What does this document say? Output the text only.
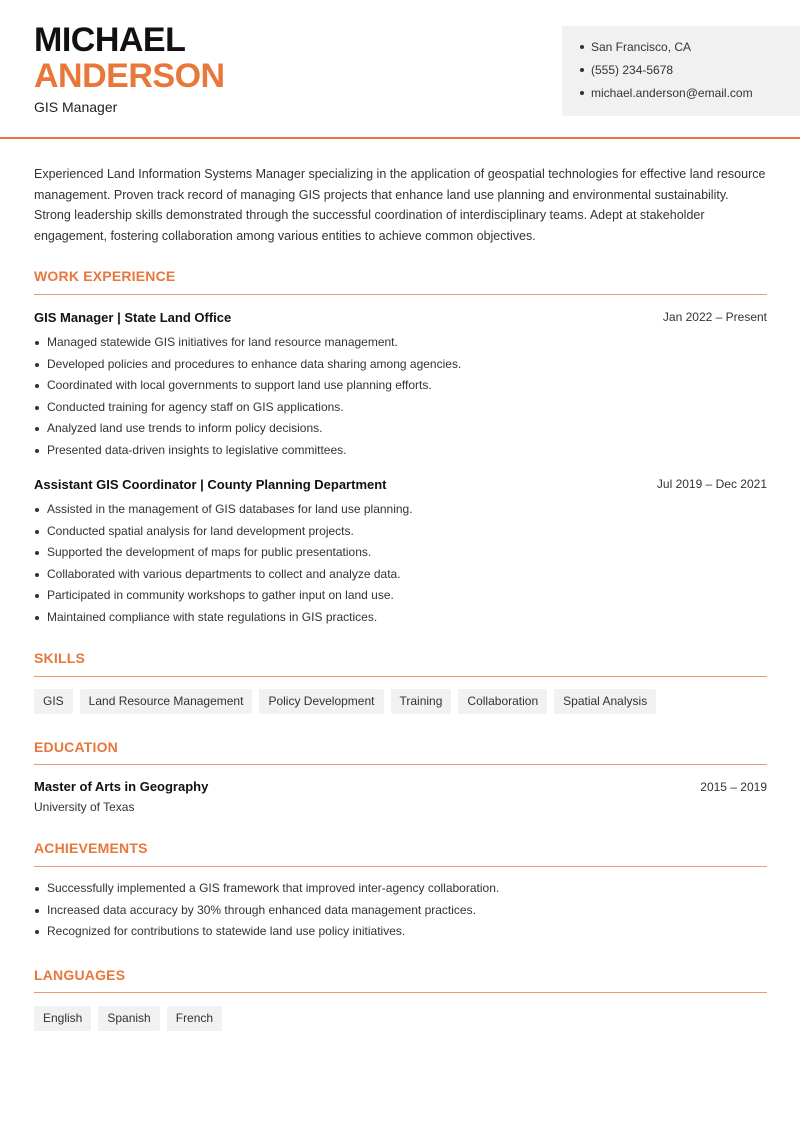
MICHAEL
ANDERSON
GIS Manager
San Francisco, CA
(555) 234-5678
michael.anderson@email.com
Experienced Land Information Systems Manager specializing in the application of geospatial technologies for effective land resource management. Proven track record of managing GIS projects that enhance land use planning and environmental sustainability. Strong leadership skills demonstrated through the successful coordination of interdisciplinary teams. Adept at stakeholder engagement, fostering collaboration among various entities to achieve common objectives.
WORK EXPERIENCE
GIS Manager | State Land Office	Jan 2022 – Present
Managed statewide GIS initiatives for land resource management.
Developed policies and procedures to enhance data sharing among agencies.
Coordinated with local governments to support land use planning efforts.
Conducted training for agency staff on GIS applications.
Analyzed land use trends to inform policy decisions.
Presented data-driven insights to legislative committees.
Assistant GIS Coordinator | County Planning Department	Jul 2019 – Dec 2021
Assisted in the management of GIS databases for land use planning.
Conducted spatial analysis for land development projects.
Supported the development of maps for public presentations.
Collaborated with various departments to collect and analyze data.
Participated in community workshops to gather input on land use.
Maintained compliance with state regulations in GIS practices.
SKILLS
GIS	Land Resource Management	Policy Development	Training	Collaboration	Spatial Analysis
EDUCATION
Master of Arts in Geography	2015 – 2019
University of Texas
ACHIEVEMENTS
Successfully implemented a GIS framework that improved inter-agency collaboration.
Increased data accuracy by 30% through enhanced data management practices.
Recognized for contributions to statewide land use policy initiatives.
LANGUAGES
English	Spanish	French
